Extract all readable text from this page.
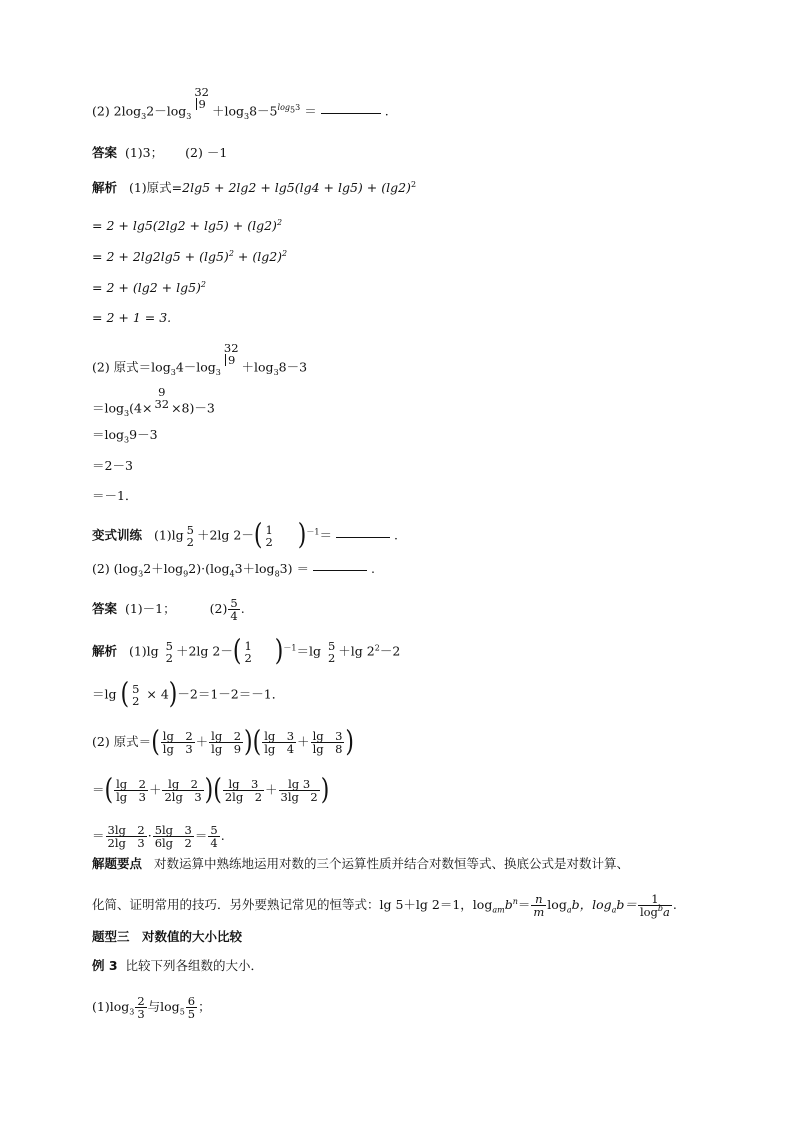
(2) $2\log_32-\log_3$
32
$9 +\log_38-5^{log_53}$ ＝	.
答案 (1)3； (2) －1
解析 (1)原式$=2\lg 5 + 2\lg 2 + \lg 5(\lg 4 + \lg 5) + (\lg 2)^2$
= $2 + \lg 5(2\lg 2 + \lg 5) + (\lg 2)^2$
= $2 + 2\lg 2\lg 5 + (\lg 5)^2 + (\lg 2)^2$
= $2 + (\lg 2 + \lg 5)^2$
= 2 + 1 = 3.
(2) 原式$=\log_34-\log_3$
32
$9 +\log_38-3$
$=\log_3(4\times$
9
32 ×8)－3
$=\log_39-3$
＝2－3
＝－1．
变式训练 (1)lg 5
2 ＋2lg 2－( 1
2 )$^{-1}$＝	.
(2) $(\log_32+\log_92)\cdot(\log_43+\log_83)$ ＝	.
答案 (1)－1；	$(2) \frac{5}{4}$ .
解析 (1)lg 5
2 ＋2lg 2－( 1
2 )$^{-1}$＝lg 5
2 ＋lg $2^2-2$
＝lg ( 5
2 × 4)－2＝1－2＝－1．
(2) 原式＝( $\frac{\lg 2}{\lg 3} + \frac{\lg 2}{\lg 9}$ )( $\frac{\lg 3}{\lg 4} + \frac{\lg 3}{\lg 8}$ )
＝( $\frac{\lg 2}{\lg 3} + \frac{\lg 2}{2\lg 3}$ )( $\frac{\lg 3}{2\lg 2} + \frac{\lg 3}{3\lg 2}$ )
＝ $\frac{3\lg 2}{2\lg 3} \cdot \frac{5\lg 3}{6\lg 2} = \frac{5}{4}$ .
解题要点 对数运算中熟练地运用对数的三个运算性质并结合对数恒等式、换底公式是对数计算、
化简、证明常用的技巧．另外要熟记常见的恒等式：lg 5＋lg 2＝1，$\log_{am}b^n= \frac{n}{m} \log_ab$，$\log_ab= \frac{1}{\log^ba}$ .
题型三　对数值的大小比较
例 3 比较下列各组数的大小．
$(1)\log_3 \frac{2}{3}$ 与$\log_5 \frac{6}{5}$ ；
